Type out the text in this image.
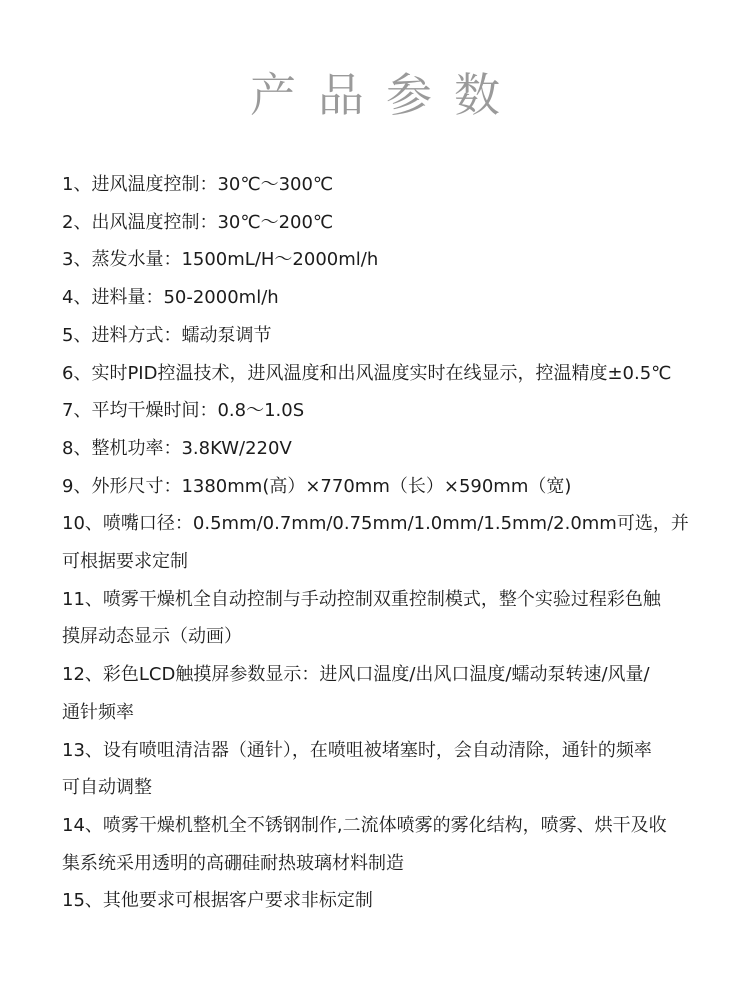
产品参数
1、进风温度控制：30℃～300℃
2、出风温度控制：30℃～200℃
3、蒸发水量：1500mL/H～2000ml/h
4、进料量：50-2000ml/h
5、进料方式：蠕动泵调节
6、实时PID控温技术，进风温度和出风温度实时在线显示，控温精度±0.5℃
7、平均干燥时间：0.8～1.0S
8、整机功率：3.8KW/220V
9、外形尺寸：1380mm(高）×770mm（长）×590mm（宽)
10、喷嘴口径：0.5mm/0.7mm/0.75mm/1.0mm/1.5mm/2.0mm可选，并
可根据要求定制
11、喷雾干燥机全自动控制与手动控制双重控制模式，整个实验过程彩色触
摸屏动态显示（动画）
12、彩色LCD触摸屏参数显示：进风口温度/出风口温度/蠕动泵转速/风量/
通针频率
13、设有喷咀清洁器（通针），在喷咀被堵塞时，会自动清除，通针的频率
可自动调整
14、喷雾干燥机整机全不锈钢制作,二流体喷雾的雾化结构，喷雾、烘干及收
集系统采用透明的高硼硅耐热玻璃材料制造
15、其他要求可根据客户要求非标定制
